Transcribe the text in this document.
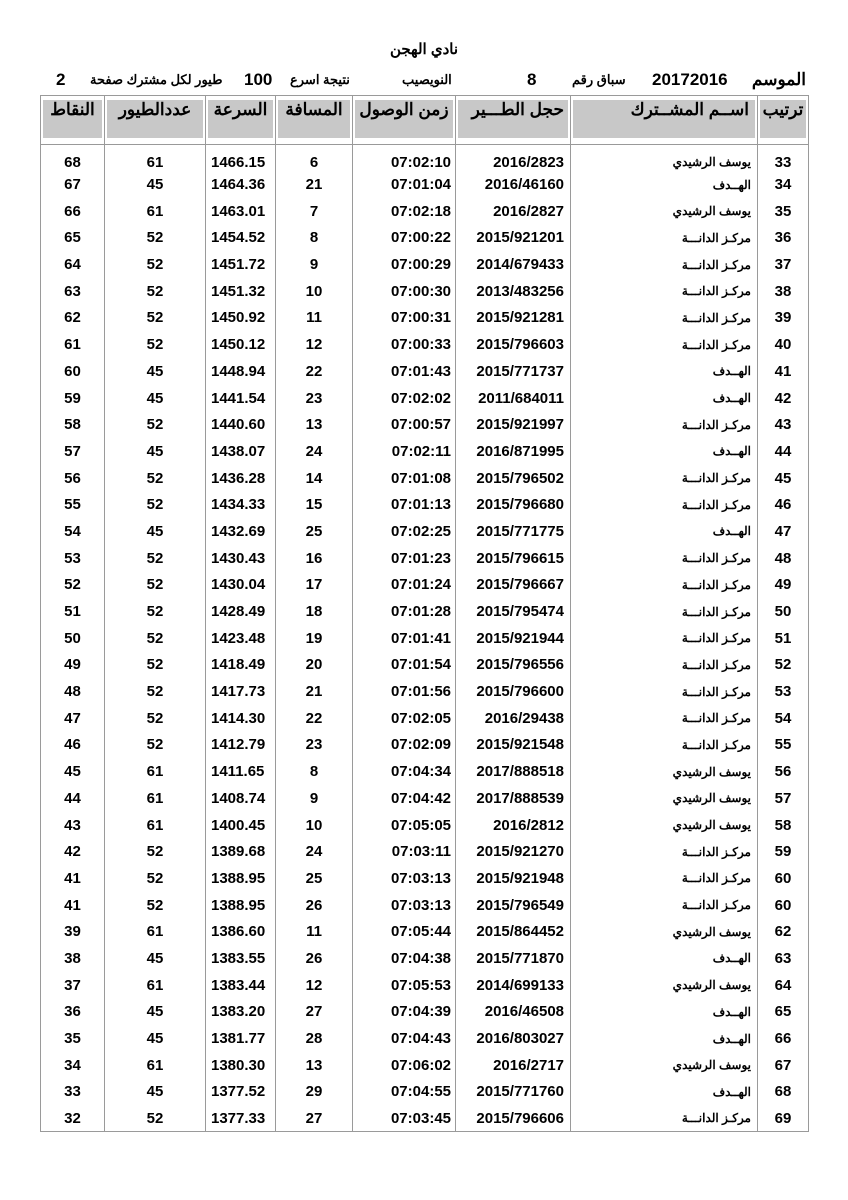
نادي الهجن
الموسم
20172016
سباق رقم
8
النويصيب
نتيجة اسرع
100
طيور لكل مشترك صفحة
2
النقاط	عددالطيور	السرعة	المسافة	زمن الوصول	حجل الطـــير	اســم المشــترك	ترتيب

68	61	1466.15	6	07:02:10	2016/2823	يوسف الرشيدي	33
67	45	1464.36	21	07:01:04	2016/46160	الهــدف	34
66	61	1463.01	7	07:02:18	2016/2827	يوسف الرشيدي	35
65	52	1454.52	8	07:00:22	2015/921201	مركـز الدانـــة	36
64	52	1451.72	9	07:00:29	2014/679433	مركـز الدانـــة	37
63	52	1451.32	10	07:00:30	2013/483256	مركـز الدانـــة	38
62	52	1450.92	11	07:00:31	2015/921281	مركـز الدانـــة	39
61	52	1450.12	12	07:00:33	2015/796603	مركـز الدانـــة	40
60	45	1448.94	22	07:01:43	2015/771737	الهــدف	41
59	45	1441.54	23	07:02:02	2011/684011	الهــدف	42
58	52	1440.60	13	07:00:57	2015/921997	مركـز الدانـــة	43
57	45	1438.07	24	07:02:11	2016/871995	الهــدف	44
56	52	1436.28	14	07:01:08	2015/796502	مركـز الدانـــة	45
55	52	1434.33	15	07:01:13	2015/796680	مركـز الدانـــة	46
54	45	1432.69	25	07:02:25	2015/771775	الهــدف	47
53	52	1430.43	16	07:01:23	2015/796615	مركـز الدانـــة	48
52	52	1430.04	17	07:01:24	2015/796667	مركـز الدانـــة	49
51	52	1428.49	18	07:01:28	2015/795474	مركـز الدانـــة	50
50	52	1423.48	19	07:01:41	2015/921944	مركـز الدانـــة	51
49	52	1418.49	20	07:01:54	2015/796556	مركـز الدانـــة	52
48	52	1417.73	21	07:01:56	2015/796600	مركـز الدانـــة	53
47	52	1414.30	22	07:02:05	2016/29438	مركـز الدانـــة	54
46	52	1412.79	23	07:02:09	2015/921548	مركـز الدانـــة	55
45	61	1411.65	8	07:04:34	2017/888518	يوسف الرشيدي	56
44	61	1408.74	9	07:04:42	2017/888539	يوسف الرشيدي	57
43	61	1400.45	10	07:05:05	2016/2812	يوسف الرشيدي	58
42	52	1389.68	24	07:03:11	2015/921270	مركـز الدانـــة	59
41	52	1388.95	25	07:03:13	2015/921948	مركـز الدانـــة	60
41	52	1388.95	26	07:03:13	2015/796549	مركـز الدانـــة	60
39	61	1386.60	11	07:05:44	2015/864452	يوسف الرشيدي	62
38	45	1383.55	26	07:04:38	2015/771870	الهــدف	63
37	61	1383.44	12	07:05:53	2014/699133	يوسف الرشيدي	64
36	45	1383.20	27	07:04:39	2016/46508	الهــدف	65
35	45	1381.77	28	07:04:43	2016/803027	الهــدف	66
34	61	1380.30	13	07:06:02	2016/2717	يوسف الرشيدي	67
33	45	1377.52	29	07:04:55	2015/771760	الهــدف	68
32	52	1377.33	27	07:03:45	2015/796606	مركـز الدانـــة	69
